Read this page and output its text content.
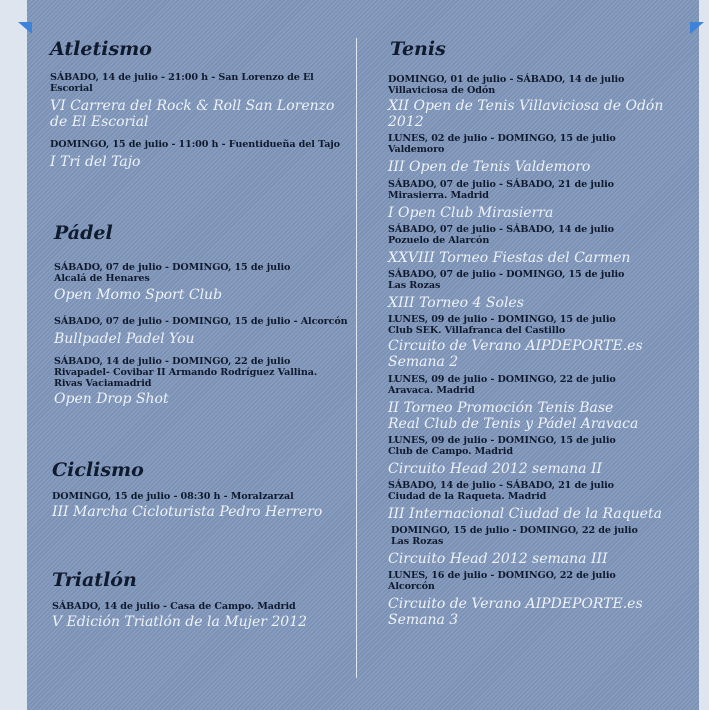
Atletismo
SÁBADO, 14 de julio - 21:00 h - San Lorenzo de El Escorial
VI Carrera del Rock & Roll San Lorenzo de El Escorial
DOMINGO, 15 de julio - 11:00 h - Fuentidueña del Tajo
I Tri del Tajo
Pádel
SÁBADO, 07 de julio - DOMINGO, 15 de julio
Alcalá de Henares
Open Momo Sport Club
SÁBADO, 07 de julio - DOMINGO, 15 de julio - Alcorcón
Bullpadel Padel You
SÁBADO, 14 de julio - DOMINGO, 22 de julio
Rivapadel- Covibar II Armando Rodríguez Vallina.
Rivas Vaciamadrid
Open Drop Shot
Ciclismo
DOMINGO, 15 de julio - 08:30 h - Moralzarzal
III Marcha Cicloturista Pedro Herrero
Triatlón
SÁBADO, 14 de julio - Casa de Campo. Madrid
V Edición Triatlón de la Mujer 2012
Tenis
DOMINGO, 01 de julio - SÁBADO, 14 de julio
Villaviciosa de Odón
XII Open de Tenis Villaviciosa de Odón 2012
LUNES, 02 de julio - DOMINGO, 15 de julio
Valdemoro
III Open de Tenis Valdemoro
SÁBADO, 07 de julio - SÁBADO, 21 de julio
Mirasierra. Madrid
I Open Club Mirasierra
SÁBADO, 07 de julio - SÁBADO, 14 de julio
Pozuelo de Alarcón
XXVIII Torneo Fiestas del Carmen
SÁBADO, 07 de julio - DOMINGO, 15 de julio
Las Rozas
XIII Torneo 4 Soles
LUNES, 09 de julio - DOMINGO, 15 de julio
Club SEK. Villafranca del Castillo
Circuito de Verano AIPDEPORTE.es
Semana 2
LUNES, 09 de julio - DOMINGO, 22 de julio
Aravaca. Madrid
II Torneo Promoción Tenis Base
Real Club de Tenis y Pádel Aravaca
LUNES, 09 de julio - DOMINGO, 15 de julio
Club de Campo. Madrid
Circuito Head 2012 semana II
SÁBADO, 14 de julio - SÁBADO, 21 de julio
Ciudad de la Raqueta. Madrid
III Internacional Ciudad de la Raqueta
DOMINGO, 15 de julio - DOMINGO, 22 de julio
Las Rozas
Circuito Head 2012 semana III
LUNES, 16 de julio - DOMINGO, 22 de julio
Alcorcón
Circuito de Verano AIPDEPORTE.es
Semana 3
